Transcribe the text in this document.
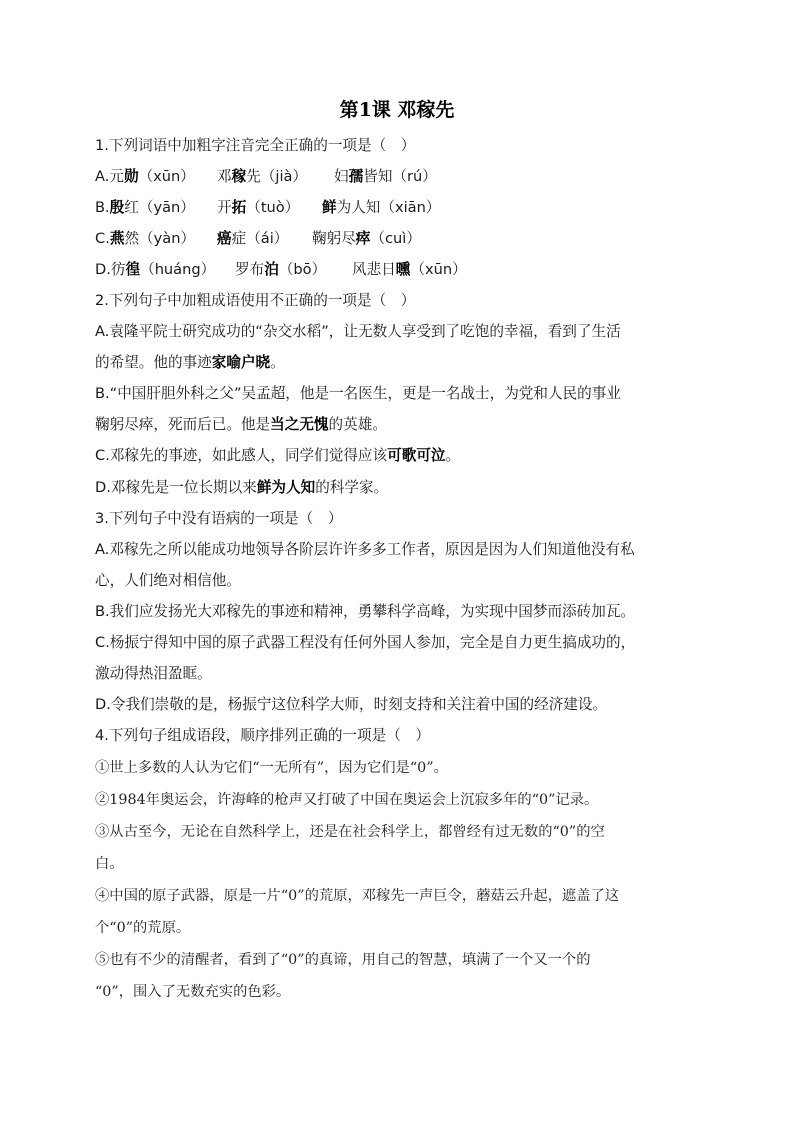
第1课 邓稼先
1.下列词语中加粗字注音完全正确的一项是（　）
A.元勋（xūn） 邓稼先（jià） 妇孺皆知（rú）
B.殷红（yān） 开拓（tuò） 鲜为人知（xiān）
C.燕然（yàn） 癌症（ái） 鞠躬尽瘁（cuì）
D.彷徨（huáng） 罗布泊（bō） 风悲日曛（xūn）
2.下列句子中加粗成语使用不正确的一项是（　）
A.袁隆平院士研究成功的“杂交水稻”，让无数人享受到了吃饱的幸福，看到了生活
的希望。他的事迹家喻户晓。
B.“中国肝胆外科之父”吴孟超，他是一名医生，更是一名战士，为党和人民的事业
鞠躬尽瘁，死而后已。他是当之无愧的英雄。
C.邓稼先的事迹，如此感人，同学们觉得应该可歌可泣。
D.邓稼先是一位长期以来鲜为人知的科学家。
3.下列句子中没有语病的一项是（　）
A.邓稼先之所以能成功地领导各阶层许许多多工作者，原因是因为人们知道他没有私
心，人们绝对相信他。
B.我们应发扬光大邓稼先的事迹和精神，勇攀科学高峰，为实现中国梦而添砖加瓦。
C.杨振宁得知中国的原子武器工程没有任何外国人参加，完全是自力更生搞成功的，
激动得热泪盈眶。
D.令我们崇敬的是，杨振宁这位科学大师，时刻支持和关注着中国的经济建设。
4.下列句子组成语段，顺序排列正确的一项是（　）
①世上多数的人认为它们“一无所有”，因为它们是“0”。
②1984年奥运会，许海峰的枪声又打破了中国在奥运会上沉寂多年的“0”记录。
③从古至今，无论在自然科学上，还是在社会科学上，都曾经有过无数的“0”的空
白。
④中国的原子武器，原是一片“0”的荒原，邓稼先一声巨令，蘑菇云升起，遮盖了这
个“0”的荒原。
⑤也有不少的清醒者，看到了“0”的真谛，用自己的智慧，填满了一个又一个的
“0”，围入了无数充实的色彩。
